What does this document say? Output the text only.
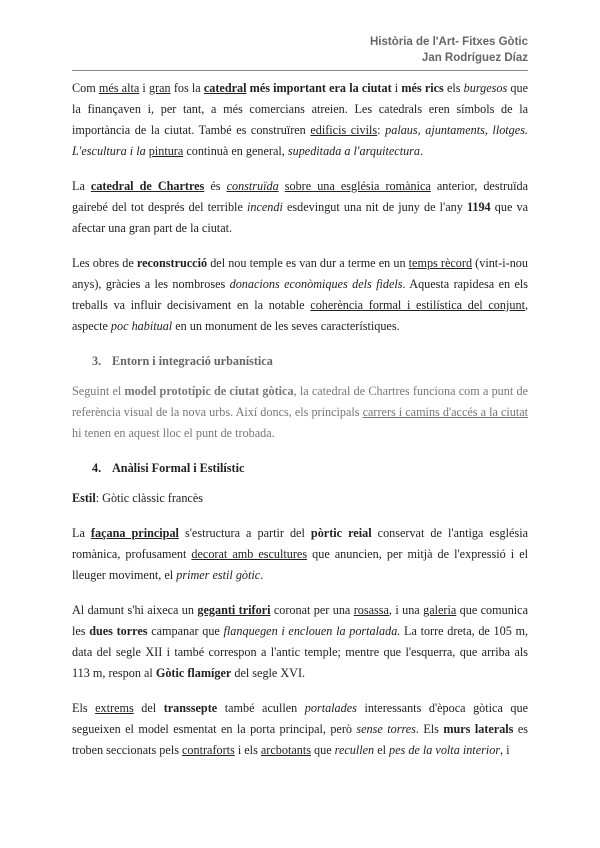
Història de l'Art- Fitxes Gòtic
Jan Rodríguez Díaz

Com més alta i gran fos la catedral més important era la ciutat i més rics els burgesos que la finançaven i, per tant, a més comercians atreien. Les catedrals eren símbols de la importància de la ciutat. També es construïren edificis civils: palaus, ajuntaments, llotges. L'escultura i la pintura continuà en general, supeditada a l'arquitectura.

La catedral de Chartres és construïda sobre una església romànica anterior, destruïda gairebé del tot després del terrible incendi esdevingut una nit de juny de l'any 1194 que va afectar una gran part de la ciutat.

Les obres de reconstrucció del nou temple es van dur a terme en un temps rècord (vint-i-nou anys), gràcies a les nombroses donacions econòmiques dels fidels. Aquesta rapidesa en els treballs va influir decisivament en la notable coherència formal i estilística del conjunt, aspecte poc habitual en un monument de les seves característiques.

3. Entorn i integració urbanística

Seguint el model prototípic de ciutat gòtica, la catedral de Chartres funciona com a punt de referència visual de la nova urbs. Així doncs, els principals carrers i camins d'accés a la ciutat hi tenen en aquest lloc el punt de trobada.

4. Anàlisi Formal i Estilístic

Estil: Gòtic clàssic francès

La façana principal s'estructura a partir del pòrtic reial conservat de l'antiga església romànica, profusament decorat amb escultures que anuncien, per mitjà de l'expressió i el lleuger moviment, el primer estil gòtic.

Al damunt s'hi aixeca un geganti trifori coronat per una rosassa, i una galeria que comunica les dues torres campanar que flanquegen i enclouen la portalada. La torre dreta, de 105 m, data del segle XII i també correspon a l'antic temple; mentre que l'esquerra, que arriba als 113 m, respon al Gòtic flamíger del segle XVI.

Els extrems del transsepte també acullen portalades interessants d'època gòtica que segueixen el model esmentat en la porta principal, però sense torres. Els murs laterals es troben seccionats pels contraforts i els arcbotants que recullen el pes de la volta interior, i
